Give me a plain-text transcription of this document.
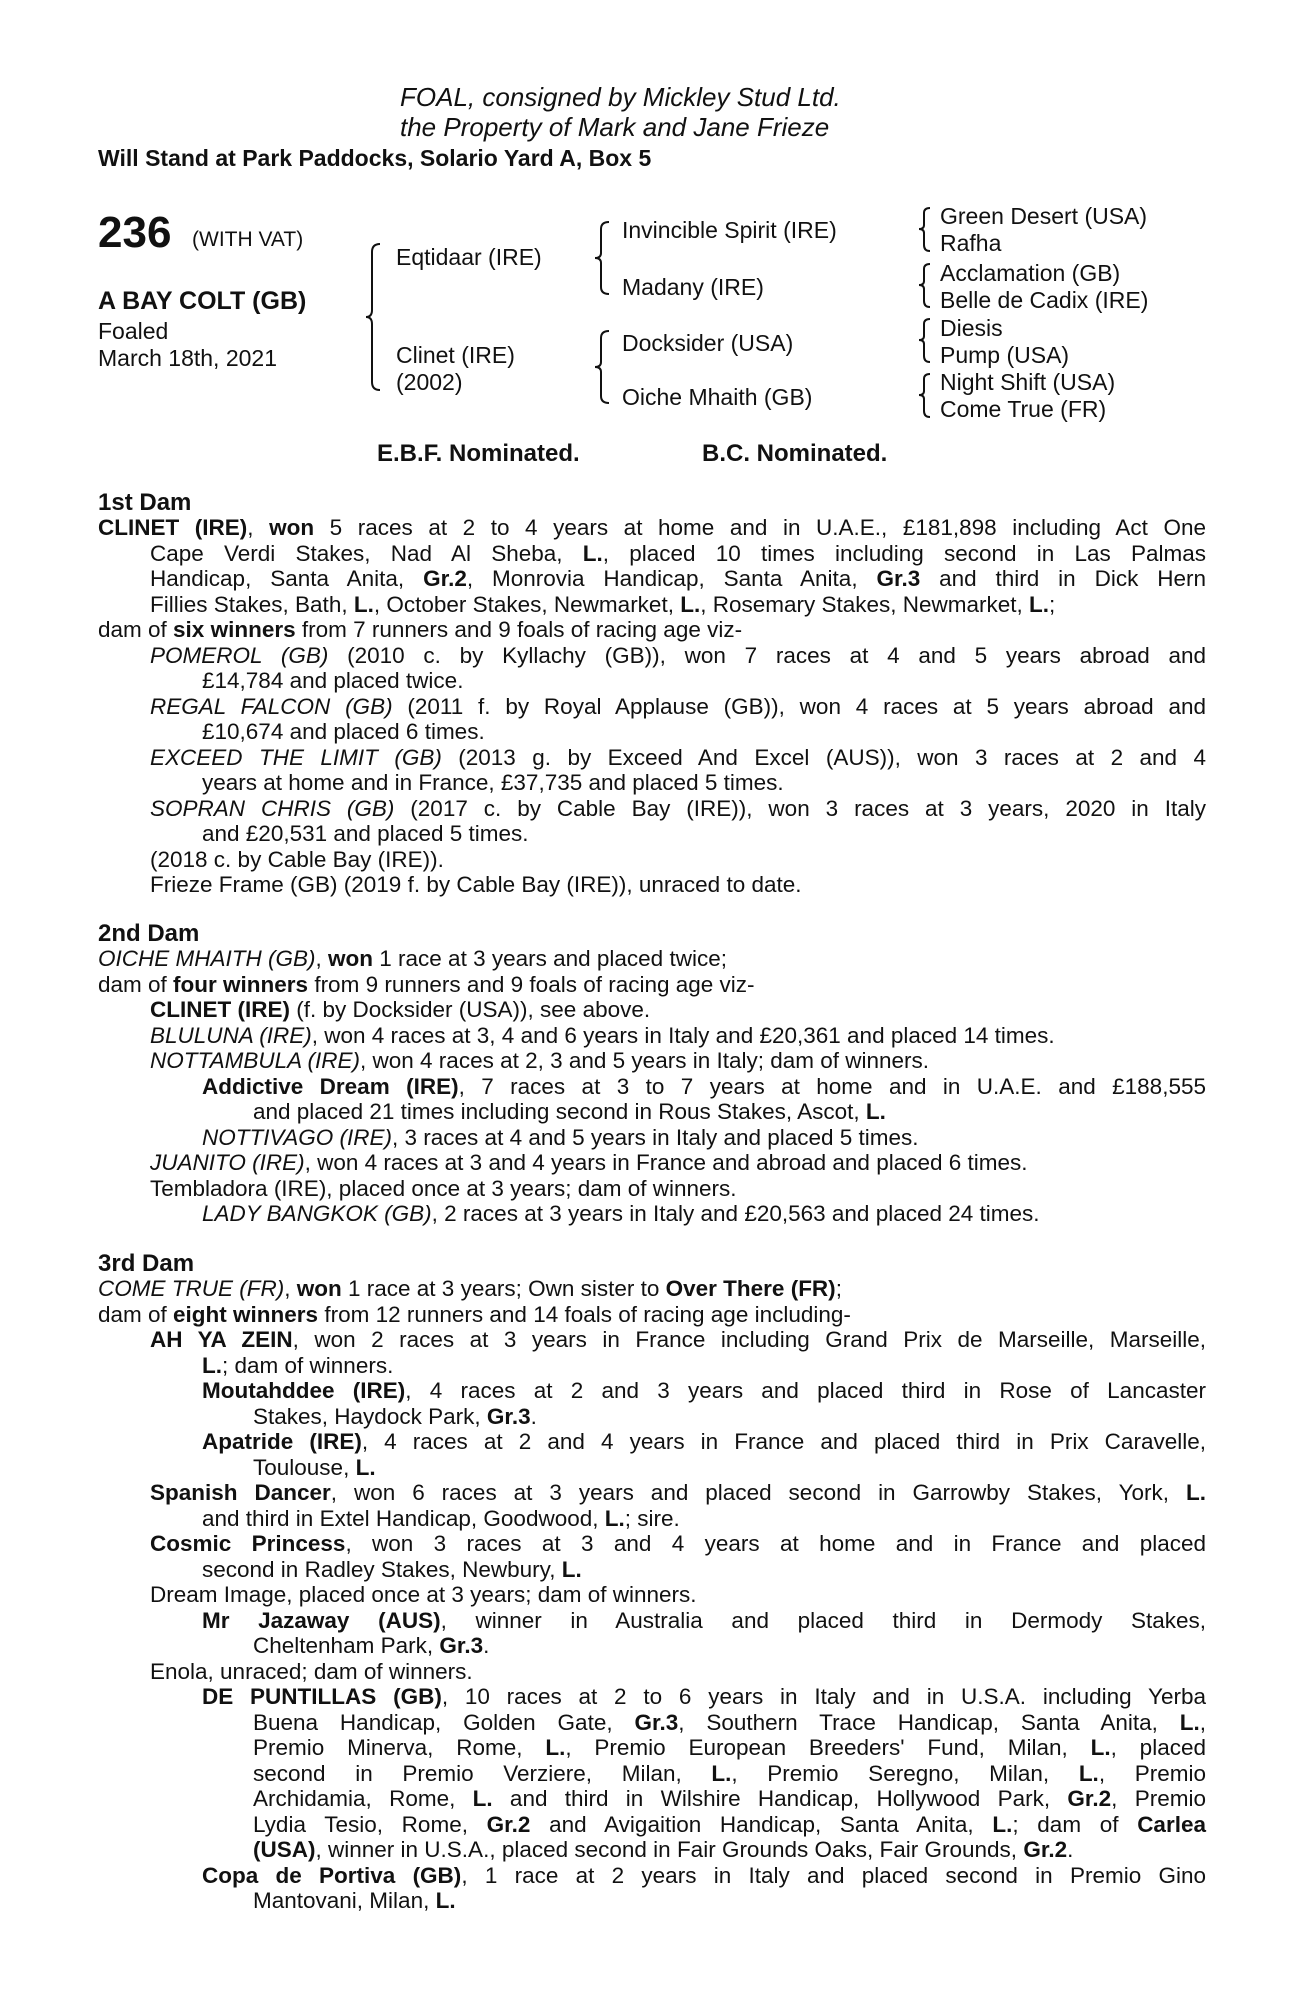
FOAL, consigned by Mickley Stud Ltd.
the Property of Mark and Jane Frieze
Will Stand at Park Paddocks, Solario Yard A, Box 5
236 (WITH VAT)
A BAY COLT (GB)
Foaled
March 18th, 2021
Eqtidaar (IRE)
Clinet (IRE)
(2002)
Invincible Spirit (IRE)
Madany (IRE)
Docksider (USA)
Oiche Mhaith (GB)
Green Desert (USA)
Rafha
Acclamation (GB)
Belle de Cadix (IRE)
Diesis
Pump (USA)
Night Shift (USA)
Come True (FR)
E.B.F. Nominated.	B.C. Nominated.
1st Dam
CLINET (IRE), won 5 races at 2 to 4 years at home and in U.A.E., £181,898 including Act One
Cape Verdi Stakes, Nad Al Sheba, L., placed 10 times including second in Las Palmas
Handicap, Santa Anita, Gr.2, Monrovia Handicap, Santa Anita, Gr.3 and third in Dick Hern
Fillies Stakes, Bath, L., October Stakes, Newmarket, L., Rosemary Stakes, Newmarket, L.;
dam of six winners from 7 runners and 9 foals of racing age viz-
POMEROL (GB) (2010 c. by Kyllachy (GB)), won 7 races at 4 and 5 years abroad and
£14,784 and placed twice.
REGAL FALCON (GB) (2011 f. by Royal Applause (GB)), won 4 races at 5 years abroad and
£10,674 and placed 6 times.
EXCEED THE LIMIT (GB) (2013 g. by Exceed And Excel (AUS)), won 3 races at 2 and 4
years at home and in France, £37,735 and placed 5 times.
SOPRAN CHRIS (GB) (2017 c. by Cable Bay (IRE)), won 3 races at 3 years, 2020 in Italy
and £20,531 and placed 5 times.
(2018 c. by Cable Bay (IRE)).
Frieze Frame (GB) (2019 f. by Cable Bay (IRE)), unraced to date.
2nd Dam
OICHE MHAITH (GB), won 1 race at 3 years and placed twice;
dam of four winners from 9 runners and 9 foals of racing age viz-
CLINET (IRE) (f. by Docksider (USA)), see above.
BLULUNA (IRE), won 4 races at 3, 4 and 6 years in Italy and £20,361 and placed 14 times.
NOTTAMBULA (IRE), won 4 races at 2, 3 and 5 years in Italy; dam of winners.
Addictive Dream (IRE), 7 races at 3 to 7 years at home and in U.A.E. and £188,555
and placed 21 times including second in Rous Stakes, Ascot, L.
NOTTIVAGO (IRE), 3 races at 4 and 5 years in Italy and placed 5 times.
JUANITO (IRE), won 4 races at 3 and 4 years in France and abroad and placed 6 times.
Tembladora (IRE), placed once at 3 years; dam of winners.
LADY BANGKOK (GB), 2 races at 3 years in Italy and £20,563 and placed 24 times.
3rd Dam
COME TRUE (FR), won 1 race at 3 years; Own sister to Over There (FR);
dam of eight winners from 12 runners and 14 foals of racing age including-
AH YA ZEIN, won 2 races at 3 years in France including Grand Prix de Marseille, Marseille,
L.; dam of winners.
Moutahddee (IRE), 4 races at 2 and 3 years and placed third in Rose of Lancaster
Stakes, Haydock Park, Gr.3.
Apatride (IRE), 4 races at 2 and 4 years in France and placed third in Prix Caravelle,
Toulouse, L.
Spanish Dancer, won 6 races at 3 years and placed second in Garrowby Stakes, York, L.
and third in Extel Handicap, Goodwood, L.; sire.
Cosmic Princess, won 3 races at 3 and 4 years at home and in France and placed
second in Radley Stakes, Newbury, L.
Dream Image, placed once at 3 years; dam of winners.
Mr Jazaway (AUS), winner in Australia and placed third in Dermody Stakes,
Cheltenham Park, Gr.3.
Enola, unraced; dam of winners.
DE PUNTILLAS (GB), 10 races at 2 to 6 years in Italy and in U.S.A. including Yerba
Buena Handicap, Golden Gate, Gr.3, Southern Trace Handicap, Santa Anita, L.,
Premio Minerva, Rome, L., Premio European Breeders' Fund, Milan, L., placed
second in Premio Verziere, Milan, L., Premio Seregno, Milan, L., Premio
Archidamia, Rome, L. and third in Wilshire Handicap, Hollywood Park, Gr.2, Premio
Lydia Tesio, Rome, Gr.2 and Avigaition Handicap, Santa Anita, L.; dam of Carlea
(USA), winner in U.S.A., placed second in Fair Grounds Oaks, Fair Grounds, Gr.2.
Copa de Portiva (GB), 1 race at 2 years in Italy and placed second in Premio Gino
Mantovani, Milan, L.
